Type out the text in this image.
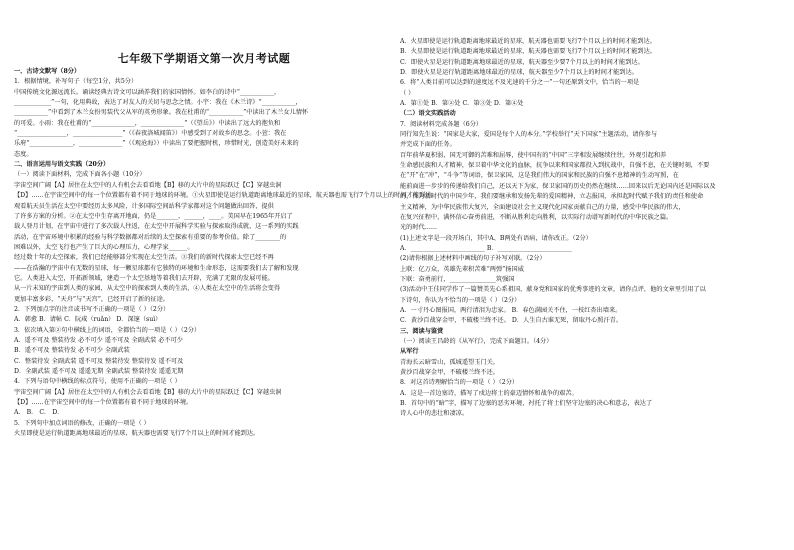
七年级下学期语文第一次月考试题
一、古诗文默写（8分）
1．根据情境，补写句子（每空1分，共5分）
中国传统文化源远流长。诵读经典古诗文可以涵养我们的家国情怀。如李白的诗中“___________，
____________”一句，化用典故，表达了对友人的关切与思念之情。小宇：我在《木兰诗》“___________，
___________”中看到了木兰女扮男装代父从军的英勇形象。我在杜甫的“___________”中读出了木兰女儿情怀
的可爱。小雨：我在杜甫的“______________，______________”（《望岳》）中读出了远大的抱负和
“________________，________________”（《春夜洛城闻笛》）中感受到了对故乡的思念。小萱：我在
乐府“______________，______________”（《观沧海》）中读出了要把握时机，珍惜时光，创造美好未来的
态度。
二、语言运用与语文实践（20分）
（一）阅读下面材料，完成下面各小题（10分）
字宙空间广阔【A】居住在太空中的人有机会去看看地【B】移的大片中的星际跃迁【C】穿越虫洞
【D】……在宇宙空间中的每一个位置都有着不同于地球的环境。①火星即使是运行轨道距离地球最近的星球，航天器也需飞行7个月以上的时间才能到达。
观看航天员生活在太空中要经历太多风险，计多国际空间站科学家都对这个问题做出回答，提供
了许多方案的分析。②在太空中生存离开地面，仍是_______，______，____。美国早在1965年开启了
载人登月计划，在宇宙中进行了多次载人往返，在太空中开展科学实验与探索取得成就，这一系列的实践
活动，在宇宙环境中积累的经验与科学数据都对后续的太空探索有重要的参考价值。除了________的
困难以外，太空飞行也产生了巨大的心理压力，心理学家______。
经过数十年的太空探索，我们已经能够部分实现在太空生活。③我们的新时代探索太空已经不再
——在浩瀚的宇宙中有无数的星球，每一颗星球都有它独特的环境和生命形态，这需要我们去了解和发现
它。人类进入太空，开拓新领域，建造一个太空基地等着我们去开辟，充满了无限的发展可能。
从一片未知的宇宙到人类的家园，从太空中的探索到人类的生活，④人类在太空中的生活将会变得
更加丰富多彩，“天舟”与“天宫”，已经开启了新的征途。
2．下列加点字的注音或书写不正确的一项是（ ）（2分）
A．韩愈 B．请帖 C．阮咸（ruǎn） D．深邃（suì）
3．依次填入第②句中横线上的词语，全都恰当的一项是（ ）（2分）
A．遥不可及 整装待发 必不可少 遥不可及 全副武装 必不可少
B．遥不可及 整装待发 必不可少 全副武装
C．整装待发 全副武装 遥不可及 整装待发 整装待发 遥不可及
D．全副武装 遥不可及 遥遥无期 全副武装 整装待发 遥遥无期
4．下列与语句中横线的标点符号，使用不正确的一项是（ ）
宇宙空间广阔【A】居住在太空中的人有机会去看看地【B】移的大片中的星际跃迁【C】穿越虫洞
【D】……在宇宙空间中的每一个位置都有着不同于地球的环境。
A． B． C． D．
5．下列句中加点词语的修改，正确的一项是（ ）
火星即使是运行轨道距离地球最近的星球，航天器也需要飞行7个月以上的时间才能到达。
A．火星即使是运行轨道距离地球最近的星球，航天器也需要飞行7个月以上的时间才能到达。
B．火星即使是运行轨道距离地球最近的星球，航天器也需要飞行7个月以上的时间才能到达。
C．即使火星是运行轨道距离地球最近的星球，航天器至少要7个月以上的时间才能到达。
D．即使火星是运行轨道距离地球最近的星球，航天器至少7个月以上的时间才能到达。
6．将“人类目前可以达到的速度远不及光速的千分之一”一句还原到文中，恰当的一项是
（ ）
A．第①处 B．第②处 C．第③处 D．第④处
（二）语文实践活动
7．阅读材料完成各题（6分）
同行知先生说：“国家是大家，爱国是每个人的本分。”学校举行“天下国家”主题活动，请你参与
并完成下面的任务。
百年前华夏积弱，国无可御的苦难和屈辱，使中国有的“中国”三字相发展继续往往，外观引起和养
生命感民族和人才精神，保卫着中华文化的血脉，抗争以来和国家都投入到抗战中，自强不息，在关键时刻，不要
在“开”在“冲”，“斗争”等词语，保卫家国，这是我们伟大的国家和民族的自强不息精神的生动写照，在
能前面进一步步的传递给我们自己，还以天下为家，保卫家国的历史仍然在继续……回来以后无论国内还是国际以及
的，作为新时代的中国少年，我们要继承和发扬先辈的爱国精神，立志报国，承担起时代赋予我们的责任和使命
主义精神，为中华民族伟大复兴，全面建设社会主义现代化国家贡献自己的力量，感受中华民族的伟大，
在复兴征程中，满怀信心奋勇前进，不断从胜利走向胜利，以实际行动谱写新时代的中华民族之篇。
光的时代……
(1)上述文字是一段开场白，其中A、B两处有语病，请你改正。（2分）
A．________________________ B．________________________
(2)请你根据上述材料中画线的句子补写对联。（2分）
上联：亿万众，英雄先辈积苦难“两弹”扬国威
下联：奋勇前行，_______________筑强国
(3)活动中王佳同学作了一篇赞美先心系祖国、献身党和国家的优秀事迹的文章，请你点评，他的文章里引用了以
下诗句，你认为不恰当的一项是（ ）（2分）
A．一寸丹心图报国，两行清泪为忠家。 B．春色满园关不住，一枝红杏出墙来。
C．黄沙百战穿金甲，不破楼兰终不还。 D．人生自古谁无死，留取丹心照汗青。
三、阅读与鉴赏
（一）阅读王昌龄的《从军行》，完成下面题目。（4分）
从军行
青海长云暗雪山，孤城遥望玉门关。
黄沙百战穿金甲，不破楼兰终不还。
8．对这首诗理解恰当的一项是（ ）（2分）
A．这是一首边塞诗，描写了戍边将士的豪迈情怀和战争的艰苦。
B．首句中的“暗”字，描写了边塞的恶劣环境，衬托了将士们坚守边塞的决心和意志，表达了
诗人心中的悲壮和凄凉。
